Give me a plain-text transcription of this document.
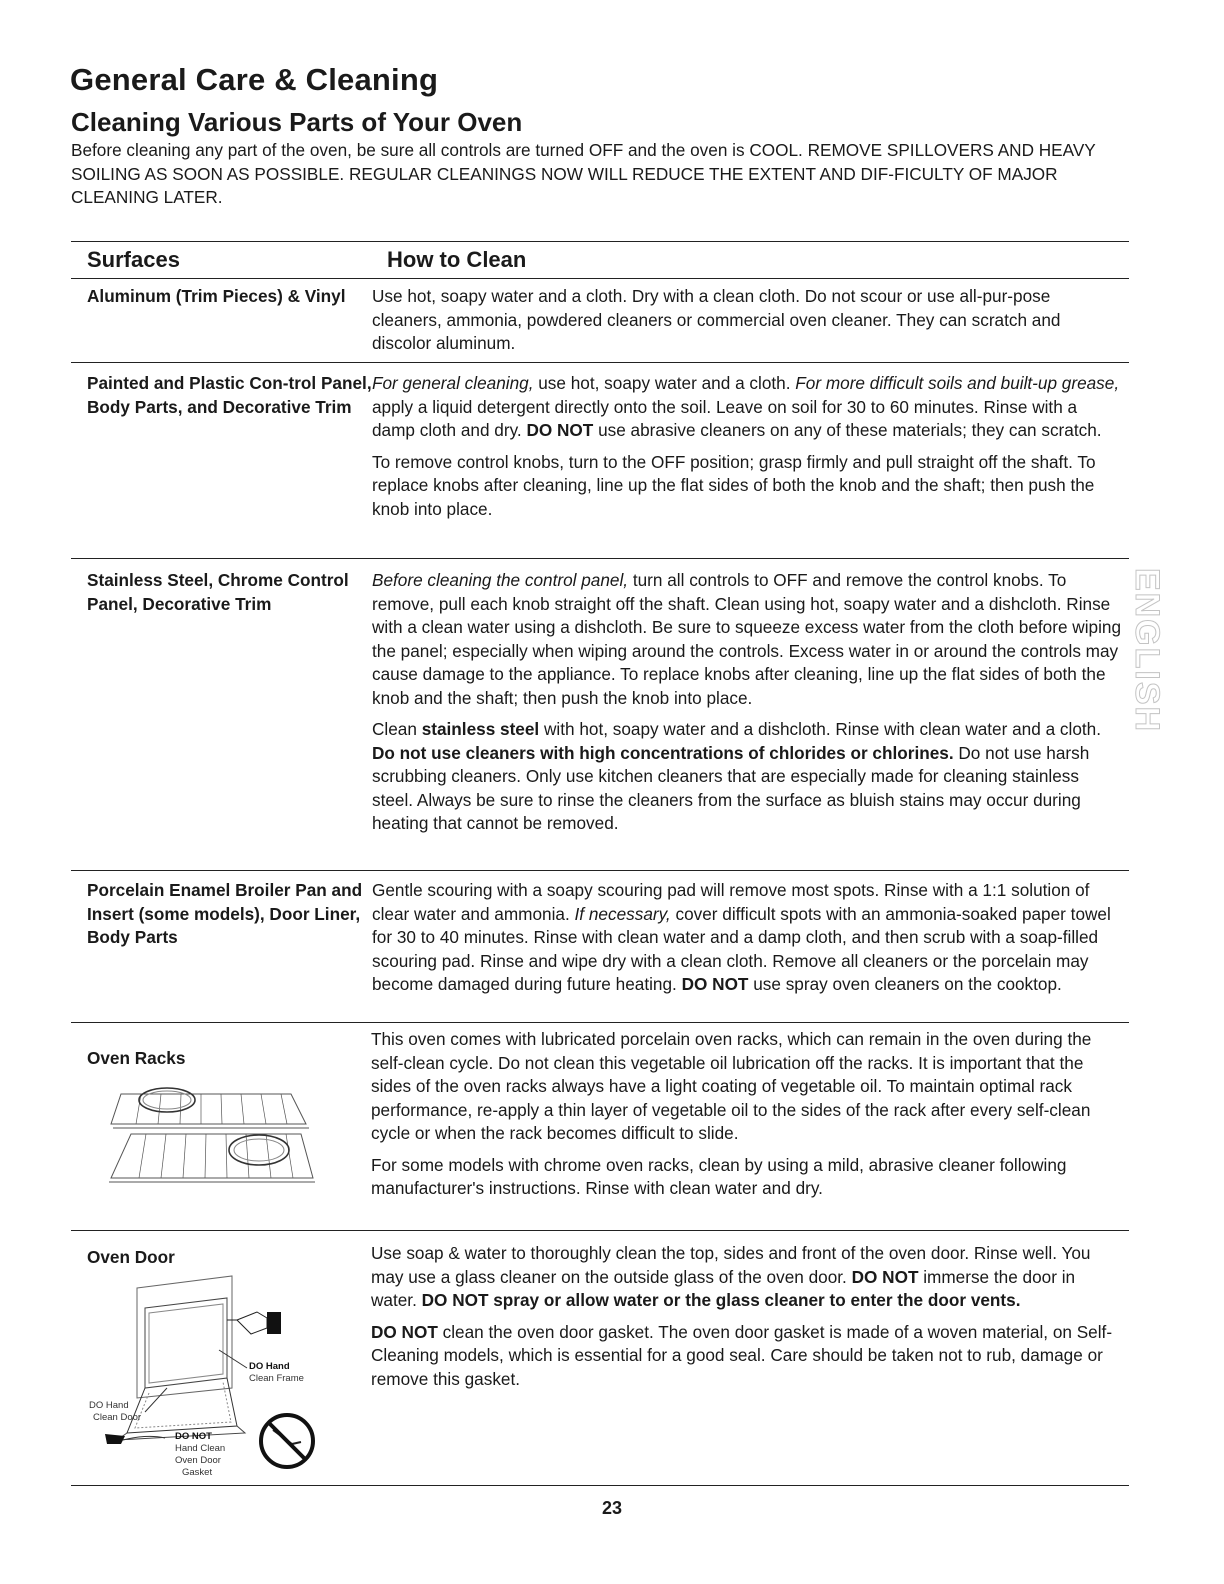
General Care & Cleaning
Cleaning Various Parts of Your Oven

Before cleaning any part of the oven, be sure all controls are turned OFF and the oven is COOL. REMOVE SPILLOVERS AND HEAVY SOILING AS SOON AS POSSIBLE. REGULAR CLEANINGS NOW WILL REDUCE THE EXTENT AND DIF-FICULTY OF MAJOR CLEANING LATER.

Surfaces	How to Clean
Aluminum (Trim Pieces) & Vinyl	Use hot, soapy water and a cloth. Dry with a clean cloth. Do not scour or use all-pur-pose cleaners, ammonia, powdered cleaners or commercial oven cleaner. They can scratch and discolor aluminum.

Painted and Plastic Con-trol Panel, Body Parts, and Decorative Trim

For general cleaning, use hot, soapy water and a cloth. For more difficult soils and built-up grease, apply a liquid detergent directly onto the soil. Leave on soil for 30 to 60 minutes. Rinse with a damp cloth and dry. DO NOT use abrasive cleaners on any of these materials; they can scratch.

To remove control knobs, turn to the OFF position; grasp firmly and pull straight off the shaft. To replace knobs after cleaning, line up the flat sides of both the knob and the shaft; then push the knob into place.

Stainless Steel, Chrome Control Panel, Decorative Trim

Before cleaning the control panel, turn all controls to OFF and remove the control knobs. To remove, pull each knob straight off the shaft. Clean using hot, soapy water and a dishcloth. Rinse with a clean water using a dishcloth. Be sure to squeeze excess water from the cloth before wiping the panel; especially when wiping around the controls. Excess water in or around the controls may cause damage to the appliance. To replace knobs after cleaning, line up the flat sides of both the knob and the shaft; then push the knob into place.

Clean stainless steel with hot, soapy water and a dishcloth. Rinse with clean water and a cloth. Do not use cleaners with high concentrations of chlorides or chlorines. Do not use harsh scrubbing cleaners. Only use kitchen cleaners that are especially made for cleaning stainless steel. Always be sure to rinse the cleaners from the surface as bluish stains may occur during heating that cannot be removed.

Porcelain Enamel Broiler Pan and Insert (some models), Door Liner, Body Parts

Gentle scouring with a soapy scouring pad will remove most spots. Rinse with a 1:1 solution of clear water and ammonia. If necessary, cover difficult spots with an ammonia-soaked paper towel for 30 to 40 minutes. Rinse with clean water and a damp cloth, and then scrub with a soap-filled scouring pad. Rinse and wipe dry with a clean cloth. Remove all cleaners or the porcelain may become damaged during future heating. DO NOT use spray oven cleaners on the cooktop.

Oven Racks

This oven comes with lubricated porcelain oven racks, which can remain in the oven during the self-clean cycle. Do not clean this vegetable oil lubrication off the racks. It is important that the sides of the oven racks always have a light coating of vegetable oil. To maintain optimal rack performance, re-apply a thin layer of vegetable oil to the sides of the rack after every self-clean cycle or when the rack becomes difficult to slide.

For some models with chrome oven racks, clean by using a mild, abrasive cleaner following manufacturer's instructions. Rinse with clean water and dry.

Oven Door
DO Hand
Clean Frame
DO Hand
Clean Door
DO NOT
Hand Clean
Oven Door
Gasket

Use soap & water to thoroughly clean the top, sides and front of the oven door. Rinse well. You may use a glass cleaner on the outside glass of the oven door. DO NOT immerse the door in water. DO NOT spray or allow water or the glass cleaner to enter the door vents.

DO NOT clean the oven door gasket. The oven door gasket is made of a woven material, on Self-Cleaning models, which is essential for a good seal. Care should be taken not to rub, damage or remove this gasket.

ENGLISH
23
